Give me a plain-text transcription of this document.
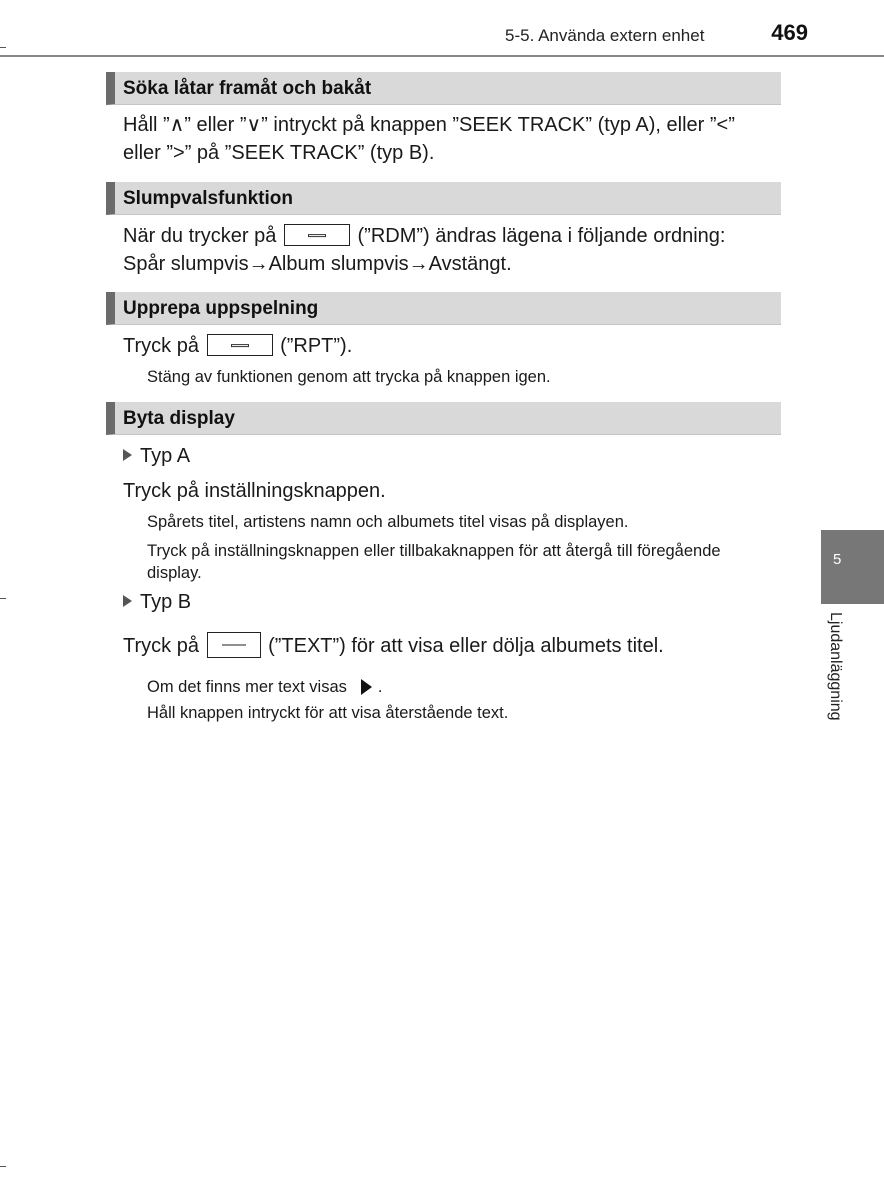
5-5. Använda extern enhet	469
Söka låtar framåt och bakåt
Håll ”∧” eller ”∨” intryckt på knappen ”SEEK TRACK” (typ A), eller ”<”
eller ”>” på ”SEEK TRACK” (typ B).
Slumpvalsfunktion
När du trycker på	(”RDM”) ändras lägena i följande ordning:
Spår slumpvis→Album slumpvis→Avstängt.
Upprepa uppspelning
Tryck på	(”RPT”).
Stäng av funktionen genom att trycka på knappen igen.
Byta display
Typ A
Tryck på inställningsknappen.
Spårets titel, artistens namn och albumets titel visas på displayen.
Tryck på inställningsknappen eller tillbakaknappen för att återgå till föregående
display.
Typ B
Tryck på	(”TEXT”) för att visa eller dölja albumets titel.
Om det finns mer text visas .
Håll knappen intryckt för att visa återstående text.
5
Ljudanläggning
